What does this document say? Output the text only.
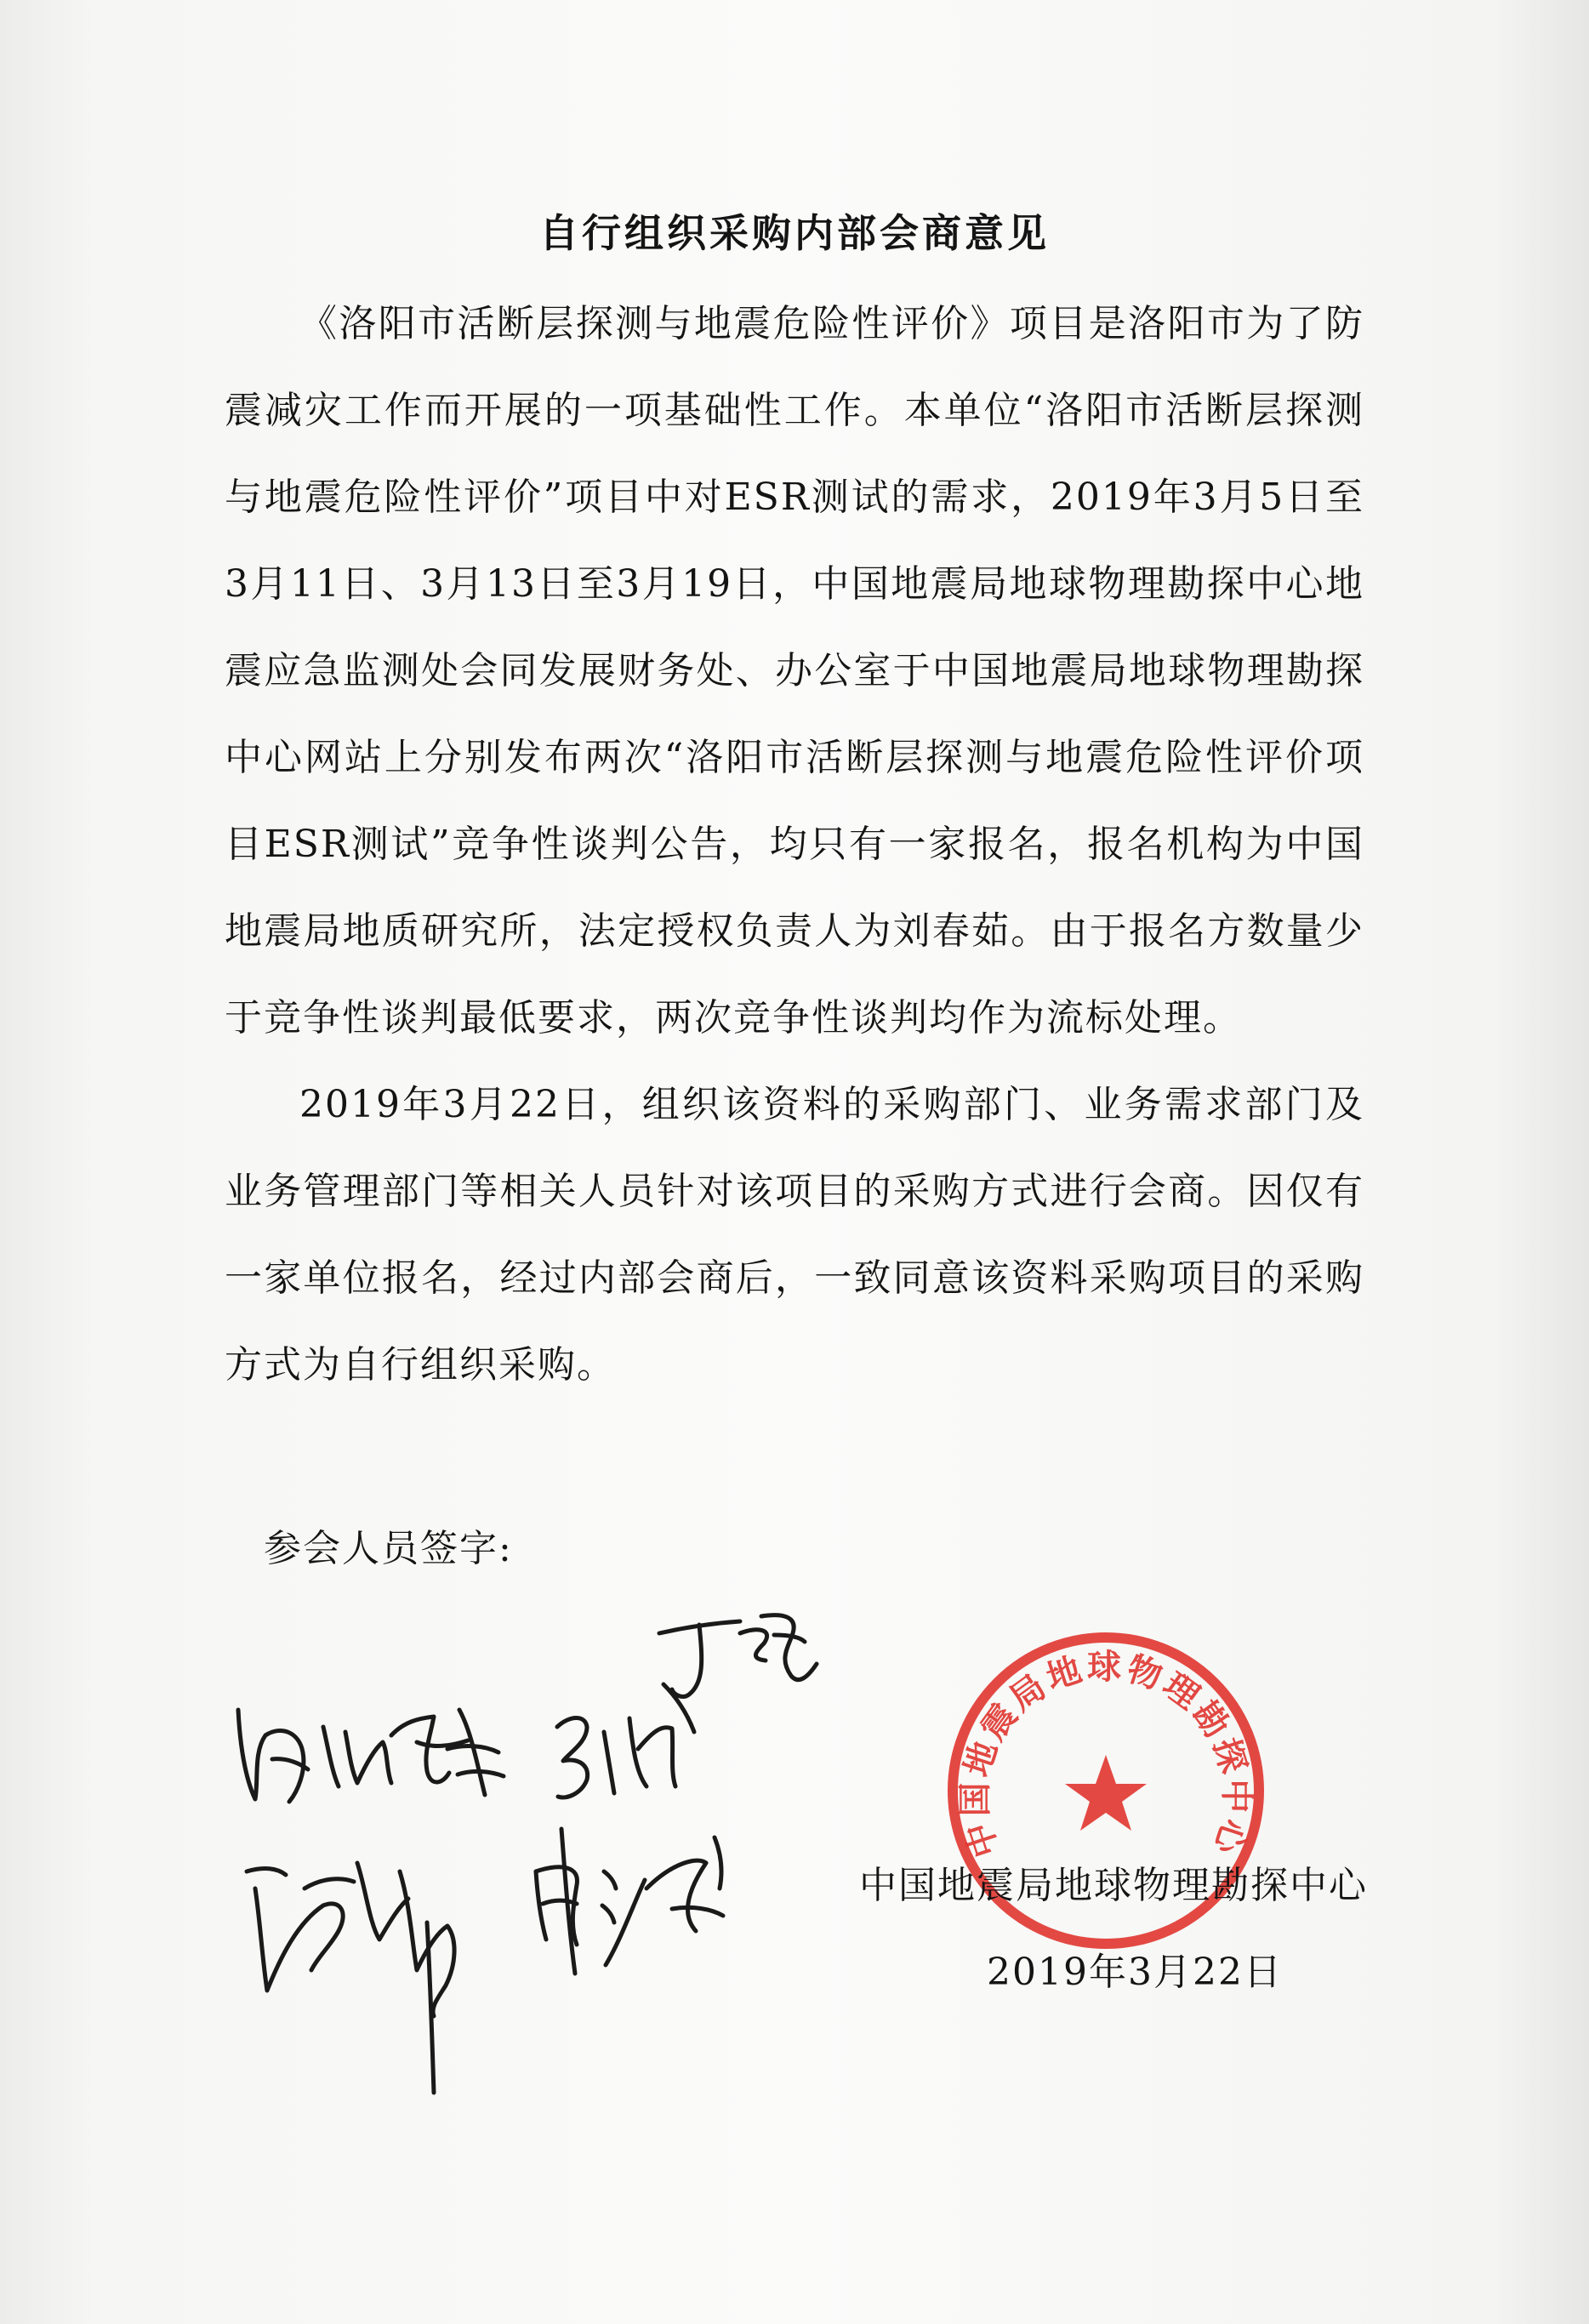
自行组织采购内部会商意见

《洛阳市活断层探测与地震危险性评价》项目是洛阳市为了防震减灾工作而开展的一项基础性工作。本单位“洛阳市活断层探测与地震危险性评价”项目中对ESR测试的需求，2019年3月5日至3月11日、3月13日至3月19日，中国地震局地球物理勘探中心地震应急监测处会同发展财务处、办公室于中国地震局地球物理勘探中心网站上分别发布两次“洛阳市活断层探测与地震危险性评价项目ESR测试”竞争性谈判公告，均只有一家报名，报名机构为中国地震局地质研究所，法定授权负责人为刘春茹。由于报名方数量少于竞争性谈判最低要求，两次竞争性谈判均作为流标处理。

2019年3月22日，组织该资料的采购部门、业务需求部门及业务管理部门等相关人员针对该项目的采购方式进行会商。因仅有一家单位报名，经过内部会商后，一致同意该资料采购项目的采购方式为自行组织采购。

参会人员签字:
中国地震局地球物理勘探中心
中国地震局地球物理勘探中心
2019年3月22日
